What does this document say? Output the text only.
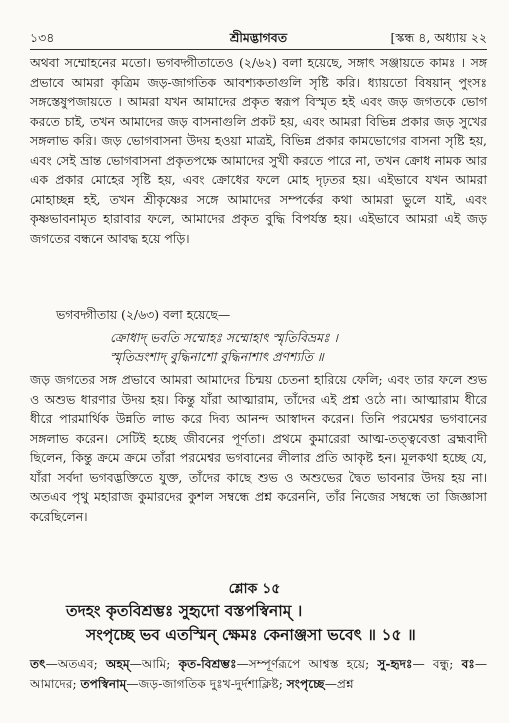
১৩৪	শ্রীমদ্ভাগবত	[স্কন্ধ ৪, অধ্যায় ২২

অথবা সম্মোহনের মতো। ভগবদ্গীতাতেও (২/৬২) বলা হয়েছে, সঙ্গাৎ সঞ্জায়তে কামঃ । সঙ্গ প্রভাবে আমরা কৃত্রিম জড়-জাগতিক আবশ্যকতাগুলি সৃষ্টি করি। ধ্যায়তো বিষয়ান্ পুংসঃ সঙ্গস্তেষুপজায়তে । আমরা যখন আমাদের প্রকৃত স্বরূপ বিস্মৃত হই এবং জড় জগতকে ভোগ করতে চাই, তখন আমাদের জড় বাসনাগুলি প্রকট হয়, এবং আমরা বিভিন্ন প্রকার জড় সুখের সঙ্গলাভ করি। জড় ভোগবাসনা উদয় হওয়া মাত্রই, বিভিন্ন প্রকার কামভোগের বাসনা সৃষ্টি হয়, এবং সেই ভ্রান্ত ভোগবাসনা প্রকৃতপক্ষে আমাদের সুখী করতে পারে না, তখন ক্রোধ নামক আর এক প্রকার মোহের সৃষ্টি হয়, এবং ক্রোধের ফলে মোহ দৃঢ়তর হয়। এইভাবে যখন আমরা মোহাচ্ছন্ন হই, তখন শ্রীকৃষ্ণের সঙ্গে আমাদের সম্পর্কের কথা আমরা ভুলে যাই, এবং কৃষ্ণভাবনামৃত হারাবার ফলে, আমাদের প্রকৃত বুদ্ধি বিপর্যস্ত হয়। এইভাবে আমরা এই জড় জগতের বন্ধনে আবদ্ধ হয়ে পড়ি।

ভগবদ্গীতায় (২/৬৩) বলা হয়েছে—

ক্রোধাদ্ ভবতি সম্মোহঃ সম্মোহাৎ স্মৃতিবিভ্রমঃ ।
স্মৃতিভ্রংশাদ্ বুদ্ধিনাশো বুদ্ধিনাশাৎ প্রণশ্যতি ॥

জড় জগতের সঙ্গ প্রভাবে আমরা আমাদের চিন্ময় চেতনা হারিয়ে ফেলি; এবং তার ফলে শুভ ও অশুভ ধারণার উদয় হয়। কিন্তু যাঁরা আত্মারাম, তাঁদের এই প্রশ্ন ওঠে না। আত্মারাম ধীরে ধীরে পারমার্থিক উন্নতি লাভ করে দিব্য আনন্দ আস্বাদন করেন। তিনি পরমেশ্বর ভগবানের সঙ্গলাভ করেন। সেটিই হচ্ছে জীবনের পূর্ণতা। প্রথমে কুমারেরা আত্ম-তত্ত্ববেত্তা ব্রহ্মবাদী ছিলেন, কিন্তু ক্রমে ক্রমে তাঁরা পরমেশ্বর ভগবানের লীলার প্রতি আকৃষ্ট হন। মূলকথা হচ্ছে যে, যাঁরা সর্বদা ভগবদ্ভক্তিতে যুক্ত, তাঁদের কাছে শুভ ও অশুভের দ্বৈত ভাবনার উদয় হয় না। অতএব পৃথু মহারাজ কুমারদের কুশল সম্বন্ধে প্রশ্ন করেননি, তাঁর নিজের সম্বন্ধে তা জিজ্ঞাসা করেছিলেন।

শ্লোক ১৫
তদহং কৃতবিশ্রম্ভঃ সুহৃদো বস্তপস্বিনাম্ ।
সংপৃচ্ছে ভব এতস্মিন্ ক্ষেমঃ কেনাঞ্জসা ভবেৎ ॥ ১৫ ॥

তৎ—অতএব; অহম্—আমি; কৃত-বিশ্রম্ভঃ—সম্পূর্ণরূপে আশ্বস্ত হয়ে; সু-হৃদঃ— বন্ধু; বঃ—আমাদের; তপস্বিনাম্—জড়-জাগতিক দুঃখ-দুর্দশাক্লিষ্ট; সংপৃচ্ছে—প্রশ্ন
